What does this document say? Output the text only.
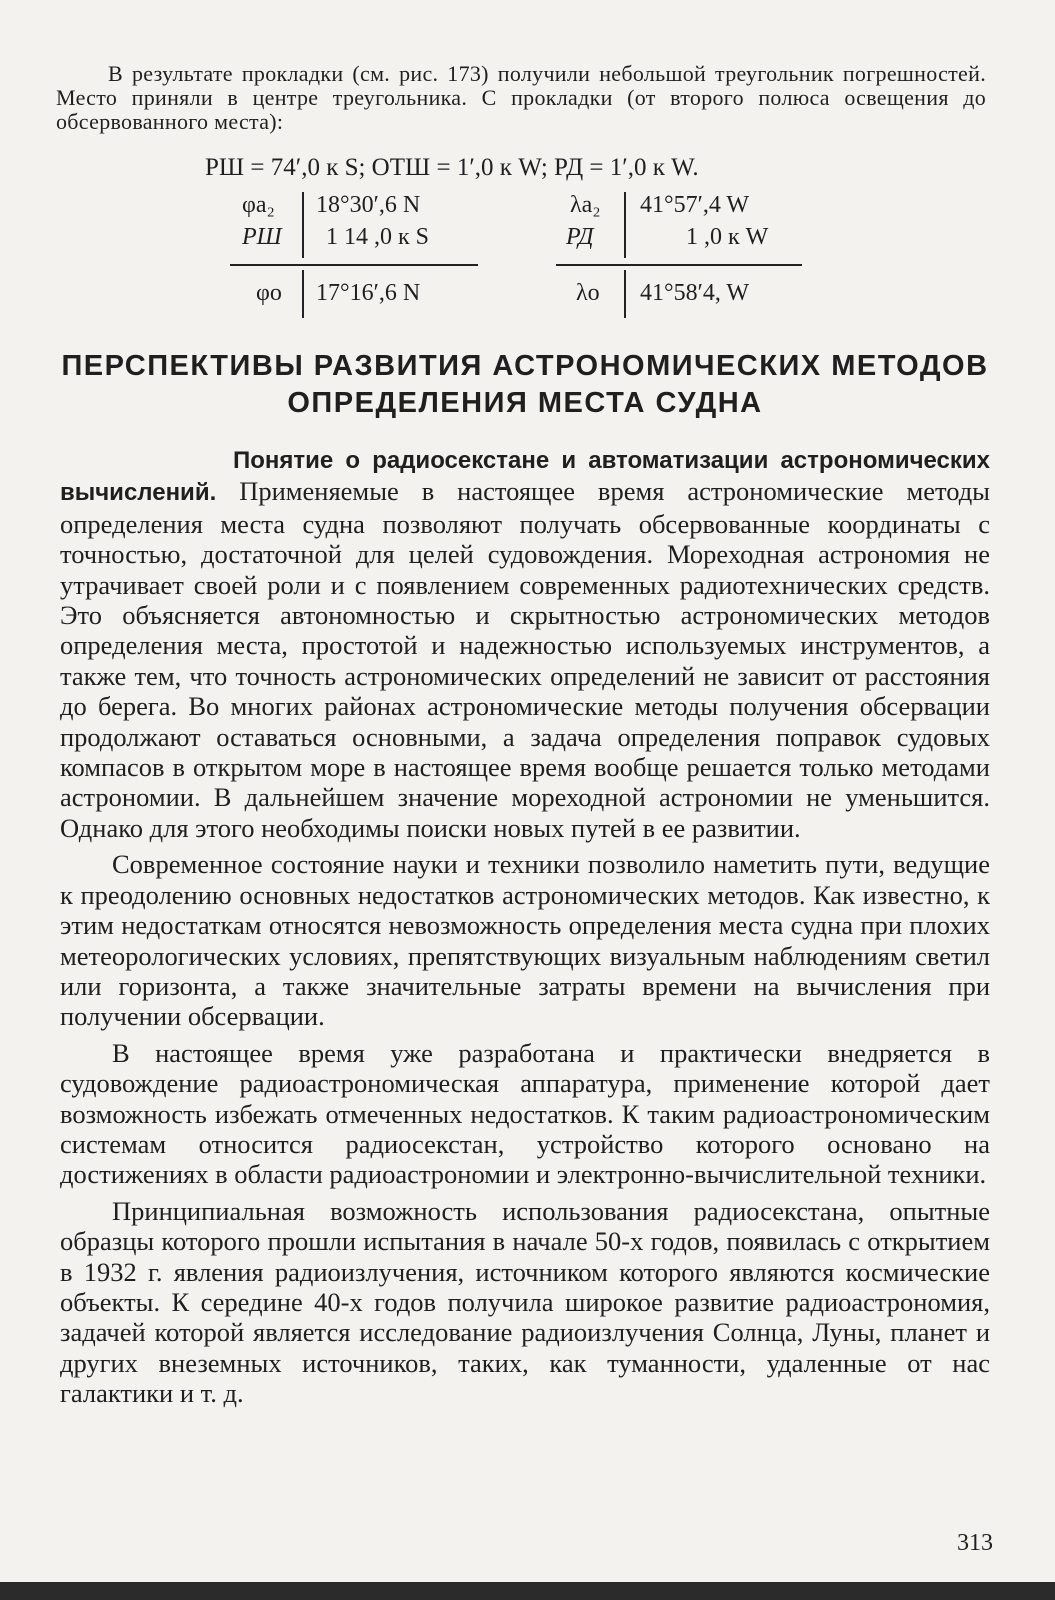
В результате прокладки (см. рис. 173) получили небольшой треугольник погрешностей. Место приняли в центре треугольника. С прокладки (от второго полюса освещения до обсервованного места):
РШ = 74′,0 к S; ОТШ = 1′,0 к W; РД = 1′,0 к W.
φa₂ 18°30′,6 N
РШ 1 14 ,0 к S
φo 17°16′,6 N
λa₂ 41°57′,4 W
РД	1 ,0 к W
λo 41°58′4, W
ПЕРСПЕКТИВЫ РАЗВИТИЯ АСТРОНОМИЧЕСКИХ МЕТОДОВ ОПРЕДЕЛЕНИЯ МЕСТА СУДНА

Понятие о радиосекстане и автоматизации астрономических вычислений. Применяемые в настоящее время астрономические методы определения места судна позволяют получать обсервованные координаты с точностью, достаточной для целей судовождения. Мореходная астрономия не утрачивает своей роли и с появлением современных радиотехнических средств. Это объясняется автономностью и скрытностью астрономических методов определения места, простотой и надежностью используемых инструментов, а также тем, что точность астрономических определений не зависит от расстояния до берега. Во многих районах астрономические методы получения обсервации продолжают оставаться основными, а задача определения поправок судовых компасов в открытом море в настоящее время вообще решается только методами астрономии. В дальнейшем значение мореходной астрономии не уменьшится. Однако для этого необходимы поиски новых путей в ее развитии.

Современное состояние науки и техники позволило наметить пути, ведущие к преодолению основных недостатков астрономических методов. Как известно, к этим недостаткам относятся невозможность определения места судна при плохих метеорологических условиях, препятствующих визуальным наблюдениям светил или горизонта, а также значительные затраты времени на вычисления при получении обсервации.

В настоящее время уже разработана и практически внедряется в судовождение радиоастрономическая аппаратура, применение которой дает возможность избежать отмеченных недостатков. К таким радиоастрономическим системам относится радиосекстан, устройство которого основано на достижениях в области радиоастрономии и электронно-вычислительной техники.

Принципиальная возможность использования радиосекстана, опытные образцы которого прошли испытания в начале 50-х годов, появилась с открытием в 1932 г. явления радиоизлучения, источником которого являются космические объекты. К середине 40-х годов получила широкое развитие радиоастрономия, задачей которой является исследование радиоизлучения Солнца, Луны, планет и других внеземных источников, таких, как туманности, удаленные от нас галактики и т. д.

313
